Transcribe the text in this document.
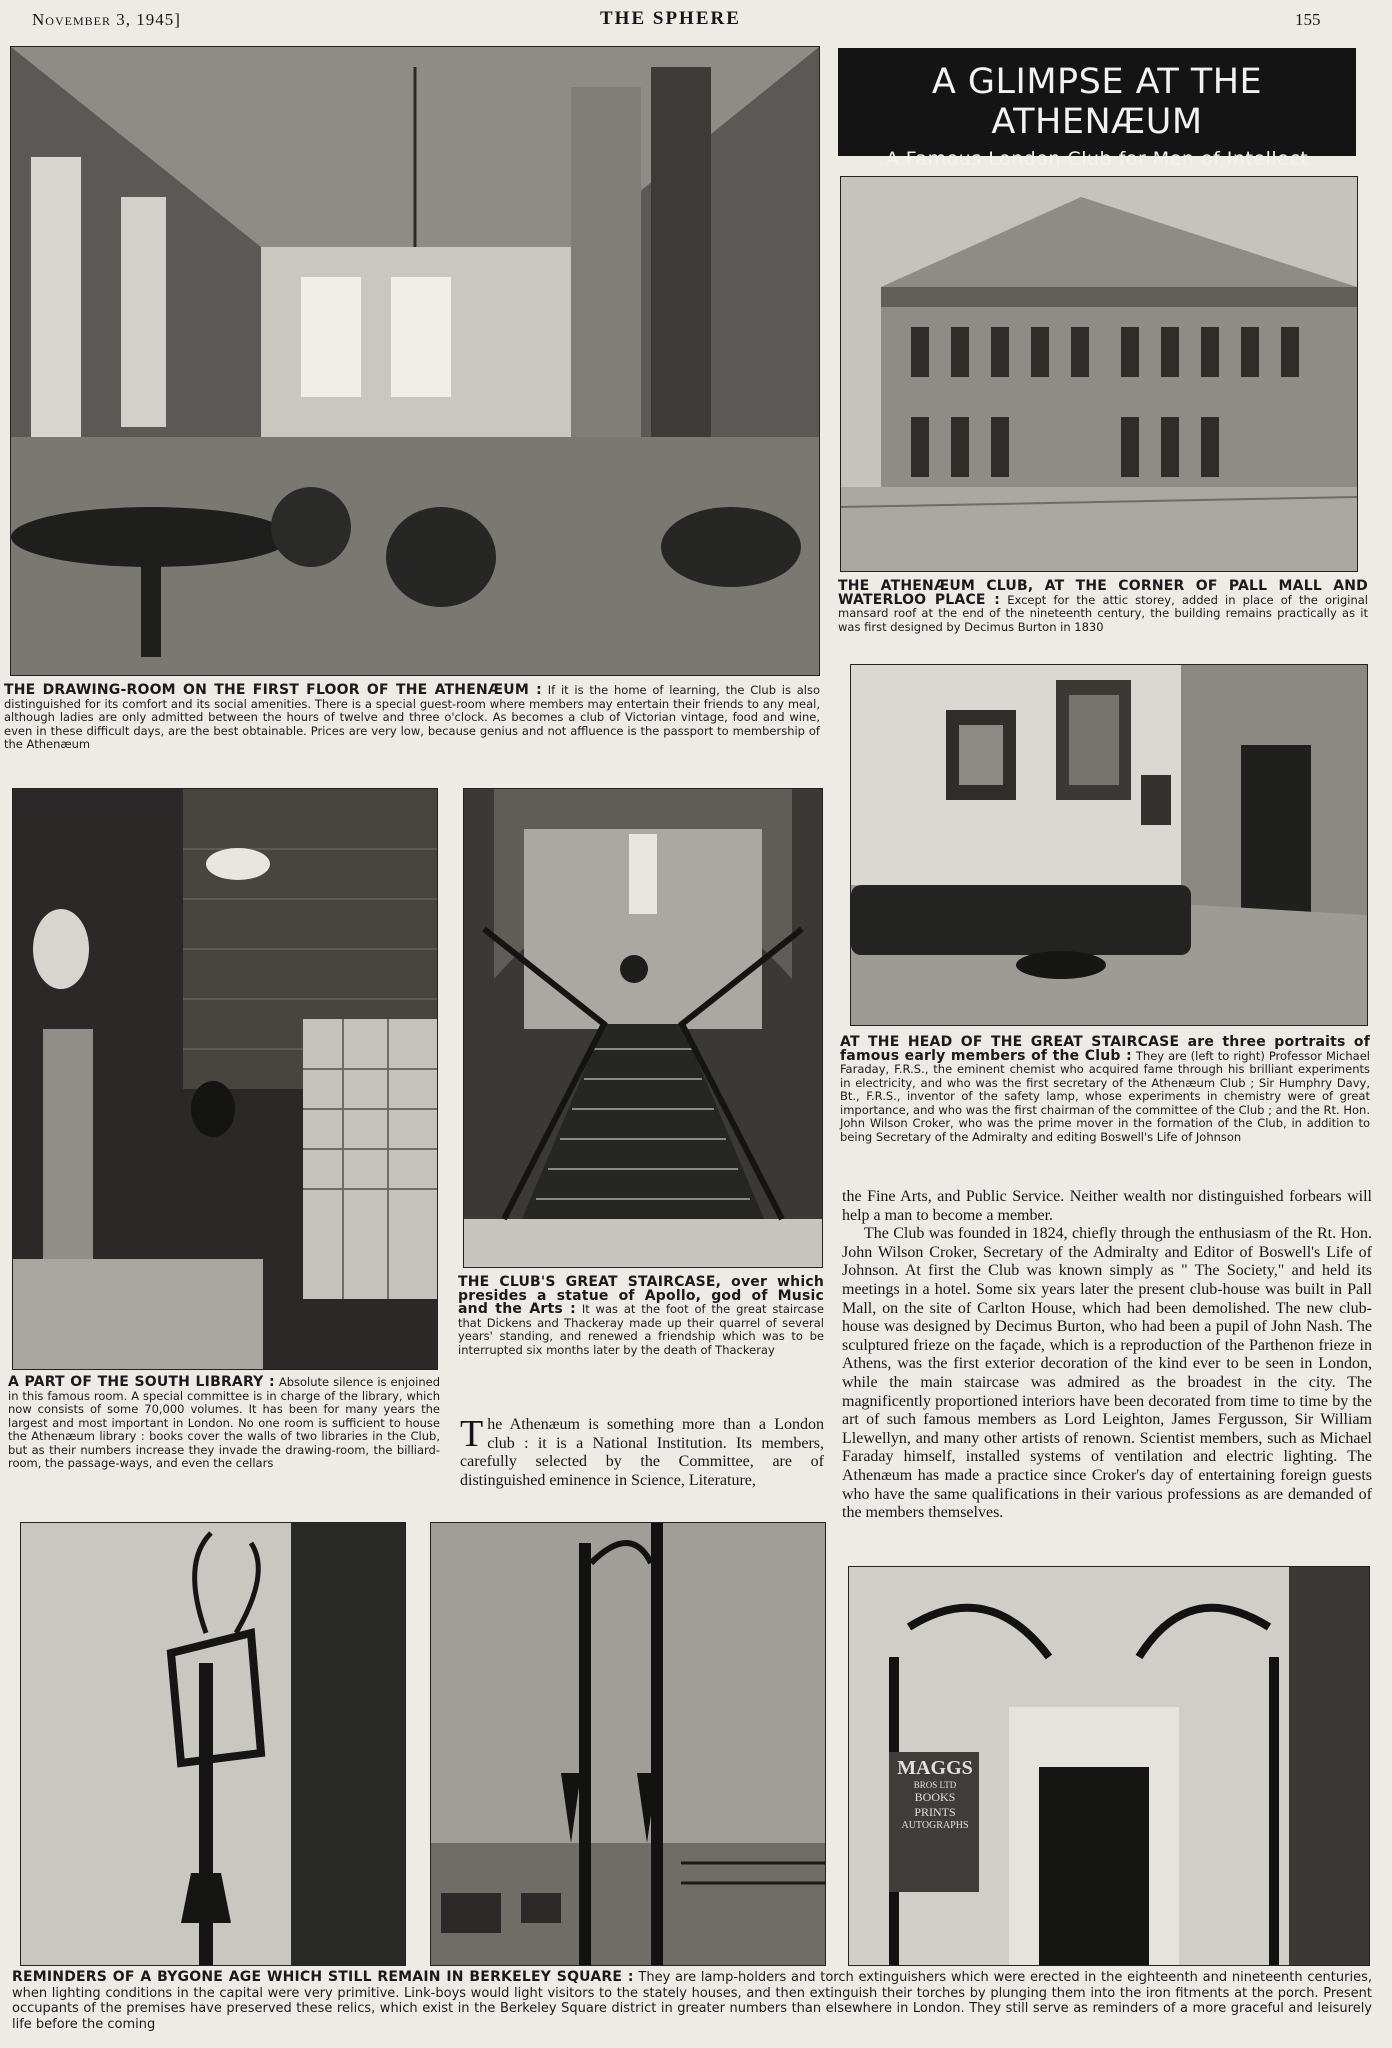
November 3, 1945]	THE SPHERE	155
A GLIMPSE AT THE ATHENÆUM
A Famous London Club for Men of Intellect
MAGGS
BROS LTD
BOOKS
PRINTS
AUTOGRAPHS
THE DRAWING-ROOM ON THE FIRST FLOOR OF THE ATHENÆUM : If it is the home of learning, the Club is also distinguished for its comfort and its social amenities. There is a special guest-room where members may entertain their friends to any meal, although ladies are only admitted between the hours of twelve and three o'clock. As becomes a club of Victorian vintage, food and wine, even in these difficult days, are the best obtainable. Prices are very low, because genius and not affluence is the passport to membership of the Athenæum
THE ATHENÆUM CLUB, AT THE CORNER OF PALL MALL AND WATERLOO PLACE : Except for the attic storey, added in place of the original mansard roof at the end of the nineteenth century, the building remains practically as it was first designed by Decimus Burton in 1830
AT THE HEAD OF THE GREAT STAIRCASE are three portraits of famous early members of the Club : They are (left to right) Professor Michael Faraday, F.R.S., the eminent chemist who acquired fame through his brilliant experiments in electricity, and who was the first secretary of the Athenæum Club ; Sir Humphry Davy, Bt., F.R.S., inventor of the safety lamp, whose experiments in chemistry were of great importance, and who was the first chairman of the committee of the Club ; and the Rt. Hon. John Wilson Croker, who was the prime mover in the formation of the Club, in addition to being Secretary of the Admiralty and editing Boswell's Life of Johnson
THE CLUB'S GREAT STAIRCASE, over which presides a statue of Apollo, god of Music and the Arts : It was at the foot of the great staircase that Dickens and Thackeray made up their quarrel of several years' standing, and renewed a friendship which was to be interrupted six months later by the death of Thackeray
A PART OF THE SOUTH LIBRARY : Absolute silence is enjoined in this famous room. A special committee is in charge of the library, which now consists of some 70,000 volumes. It has been for many years the largest and most important in London. No one room is sufficient to house the Athenæum library : books cover the walls of two libraries in the Club, but as their numbers increase they invade the drawing-room, the billiard-room, the passage-ways, and even the cellars
REMINDERS OF A BYGONE AGE WHICH STILL REMAIN IN BERKELEY SQUARE : They are lamp-holders and torch extinguishers which were erected in the eighteenth and nineteenth centuries, when lighting conditions in the capital were very primitive. Link-boys would light visitors to the stately houses, and then extinguish their torches by plunging them into the iron fitments at the porch. Present occupants of the premises have preserved these relics, which exist in the Berkeley Square district in greater numbers than elsewhere in London. They still serve as reminders of a more graceful and leisurely life before the coming

The Athenæum is something more than a London club : it is a National Institution. Its members, carefully selected by the Committee, are of distinguished eminence in Science, Literature,

the Fine Arts, and Public Service. Neither wealth nor distinguished forbears will help a man to become a member.

The Club was founded in 1824, chiefly through the enthusiasm of the Rt. Hon. John Wilson Croker, Secretary of the Admiralty and Editor of Boswell's Life of Johnson. At first the Club was known simply as " The Society," and held its meetings in a hotel. Some six years later the present club-house was built in Pall Mall, on the site of Carlton House, which had been demolished. The new club-house was designed by Decimus Burton, who had been a pupil of John Nash. The sculptured frieze on the façade, which is a reproduction of the Parthenon frieze in Athens, was the first exterior decoration of the kind ever to be seen in London, while the main staircase was admired as the broadest in the city. The magnificently proportioned interiors have been decorated from time to time by the art of such famous members as Lord Leighton, James Fergusson, Sir William Llewellyn, and many other artists of renown. Scientist members, such as Michael Faraday himself, installed systems of ventilation and electric lighting. The Athenæum has made a practice since Croker's day of entertaining foreign guests who have the same qualifications in their various professions as are demanded of the members themselves.
